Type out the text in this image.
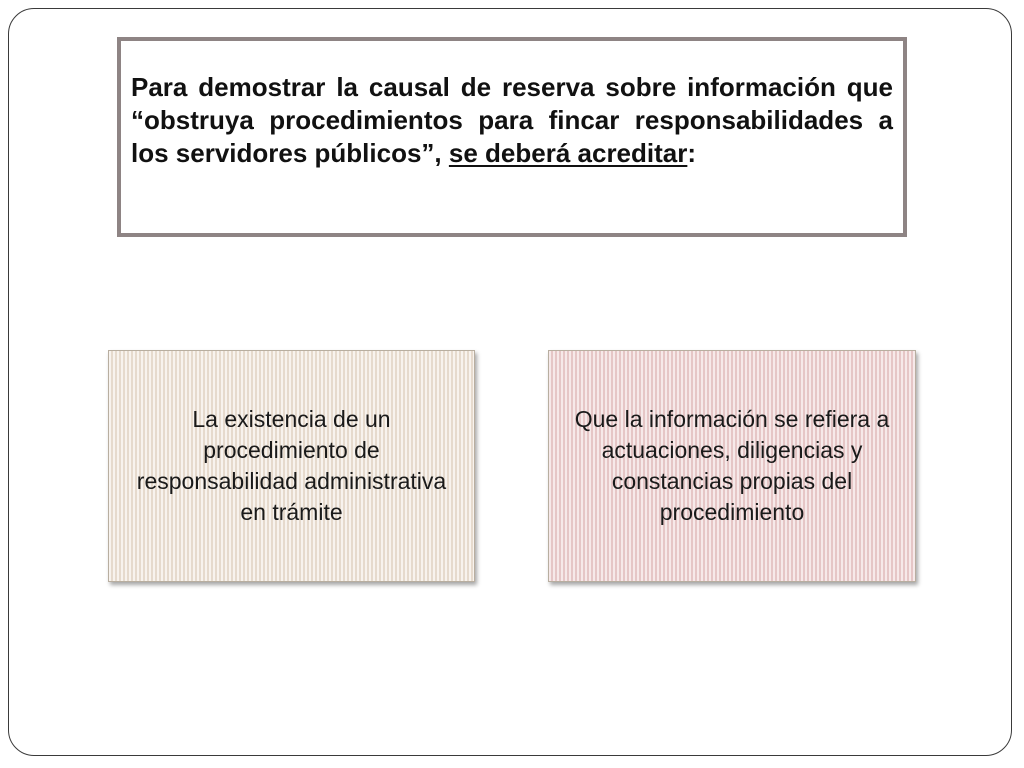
Para demostrar la causal de reserva sobre información que “obstruya procedimientos para fincar responsabilidades a los servidores públicos”, se deberá acreditar:

La existencia de un procedimiento de responsabilidad administrativa en trámite

Que la información se refiera a actuaciones, diligencias y constancias propias del procedimiento
